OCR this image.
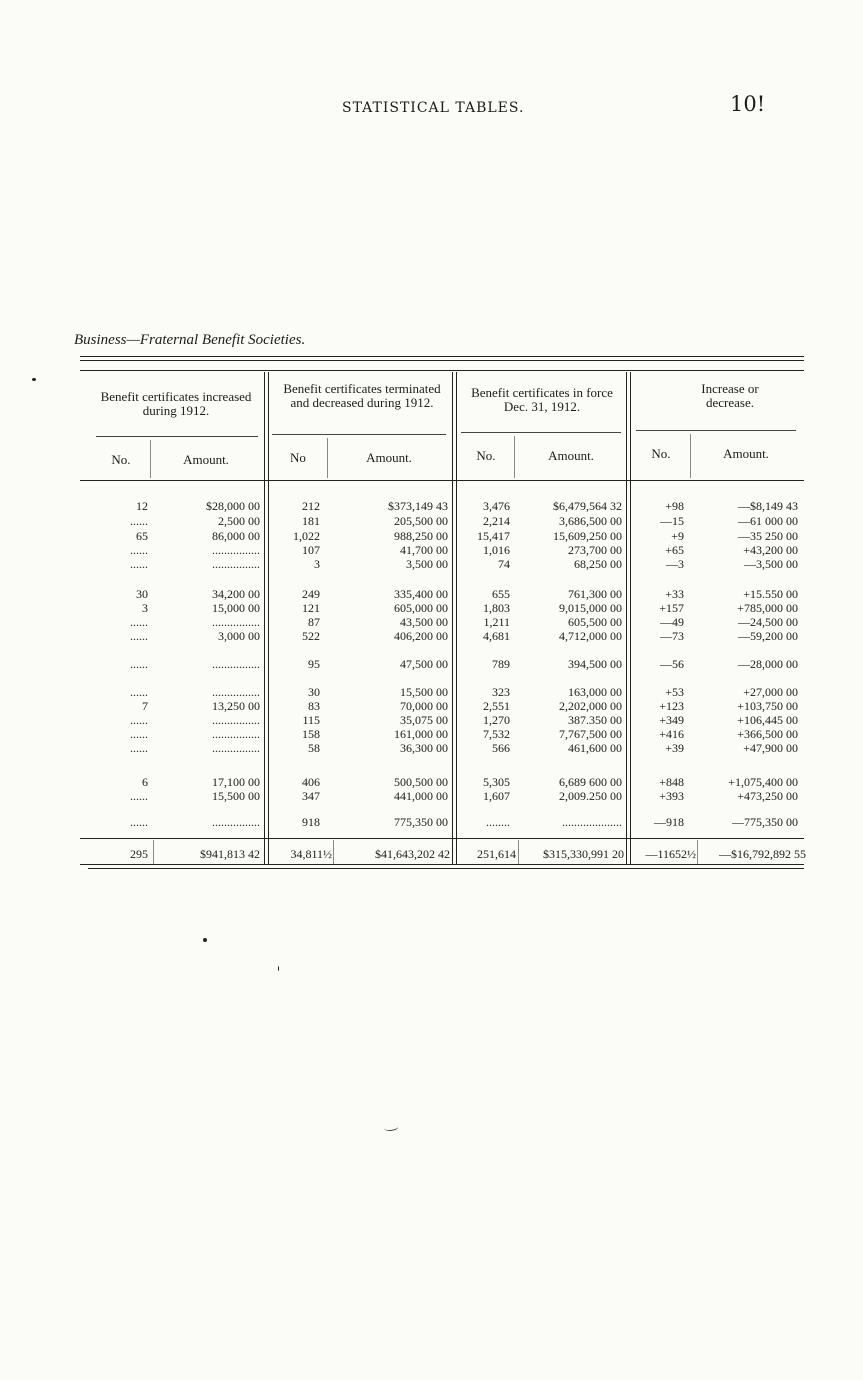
STATISTICAL TABLES.	10!
Business—Fraternal Benefit Societies.
Benefit certificates increased during 1912.
Benefit certificates terminated and decreased during 1912.
Benefit certificates in force Dec. 31, 1912.
Increase or decrease.
No.	Amount.	No	Amount.	No.	Amount.	No.	Amount.
12	$28,000 00	212	$373,149 43	3,476	$6,479,564 32	+98	—$8,149 43
......	2,500 00	181	205,500 00	2,214	3,686,500 00	—15	—61 000 00
65	86,000 00	1,022	988,250 00	15,417	15,609,250 00	+9	—35 250 00
......	................	107	41,700 00	1,016	273,700 00	+65	+43,200 00
......	................	3	3,500 00	74	68,250 00	—3	—3,500 00
30	34,200 00	249	335,400 00	655	761,300 00	+33	+15.550 00
3	15,000 00	121	605,000 00	1,803	9,015,000 00	+157	+785,000 00
......	................	87	43,500 00	1,211	605,500 00	—49	—24,500 00
......	3,000 00	522	406,200 00	4,681	4,712,000 00	—73	—59,200 00
......	................	95	47,500 00	789	394,500 00	—56	—28,000 00
......	................	30	15,500 00	323	163,000 00	+53	+27,000 00
7	13,250 00	83	70,000 00	2,551	2,202,000 00	+123	+103,750 00
......	................	115	35,075 00	1,270	387.350 00	+349	+106,445 00
......	................	158	161,000 00	7,532	7,767,500 00	+416	+366,500 00
......	................	58	36,300 00	566	461,600 00	+39	+47,900 00
6	17,100 00	406	500,500 00	5,305	6,689 600 00	+848	+1,075,400 00
......	15,500 00	347	441,000 00	1,607	2,009.250 00	+393	+473,250 00
......	................	918	775,350 00	........	....................	—918	—775,350 00
295	$941,813 42	34,811½	$41,643,202 42	251,614	$315,330,991 20	—11652½	—$16,792,892 55
